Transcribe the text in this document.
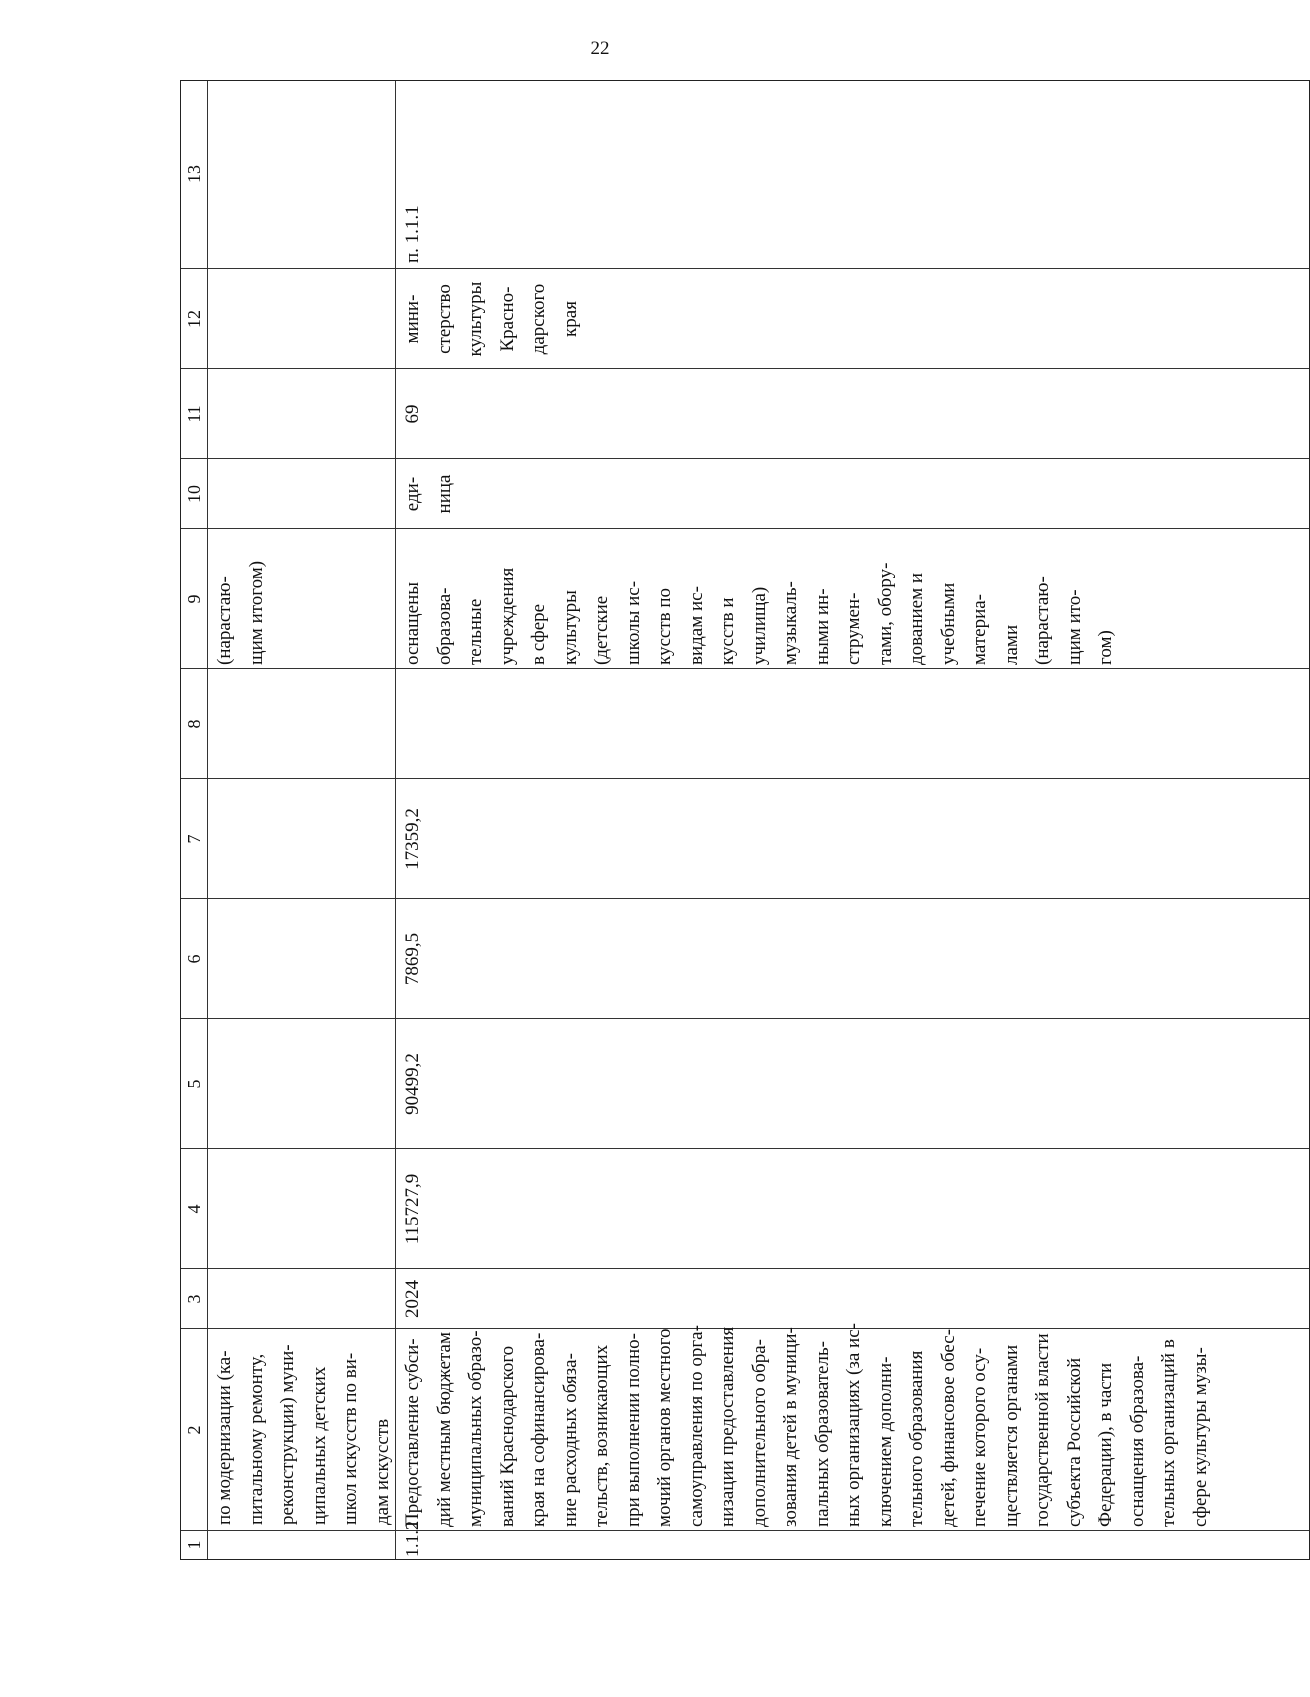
22
1
2
3
4
5
6
7
8
9
10
11
12
13
по модернизации (ка- питальному ремонту, реконструкции) муни- ципальных детских школ искусств по ви- дам искусств
(нарастаю- щим итогом)
1.1.2
Предоставление субси- дий местным бюджетам муниципальных образо- ваний Краснодарского края на софинансирова- ние расходных обяза- тельств, возникающих при выполнении полно- мочий органов местного самоуправления по орга- низации предоставления дополнительного обра- зования детей в муници- пальных образователь- ных организациях (за ис- ключением дополни- тельного образования детей, финансовое обес- печение которого осу- ществляется органами государственной власти субъекта Российской Федерации), в части оснащения образова- тельных организаций в сфере культуры музы-
2024
115727,9
90499,2
7869,5
17359,2
оснащены образова- тельные учреждения в сфере культуры (детские школы ис- кусств по видам ис- кусств и училища) музыкаль- ными ин- струмен- тами, обору- дованием и учебными материа- лами (нарастаю- щим ито- гом)
еди- ница
69
мини- стерство культуры Красно- дарского края
п. 1.1.1
